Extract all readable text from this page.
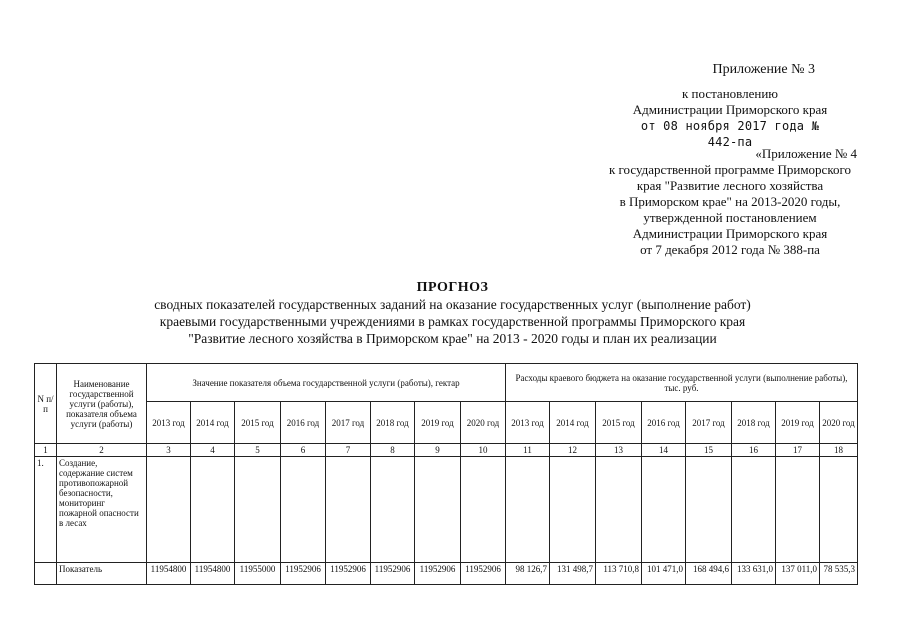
Приложение № 3
к постановлению
Администрации Приморского края
от 08 ноября 2017 года № 442-па
«Приложение № 4
к государственной программе Приморского
края "Развитие лесного хозяйства
в Приморском крае" на 2013-2020 годы,
утвержденной постановлением
Администрации Приморского края
от 7 декабря 2012 года № 388-па
ПРОГНОЗ
сводных показателей государственных заданий на оказание государственных услуг (выполнение работ)
краевыми государственными учреждениями в рамках государственной программы Приморского края
"Развитие лесного хозяйства в Приморском крае" на 2013 - 2020 годы и план их реализации
N п/п	Наименование государственной услуги (работы), показателя объема услуги (работы)	Значение показателя объема государственной услуги (работы), гектар								Расходы краевого бюджета на оказание государственной услуги (выполнение работы), тыс. руб.							
		2013 год	2014 год	2015 год	2016 год	2017 год	2018 год	2019 год	2020 год	2013 год	2014 год	2015 год	2016 год	2017 год	2018 год	2019 год	2020 год
1	2	3	4	5	6	7	8	9	10	11	12	13	14	15	16	17	18
1.	Создание, содержание систем противопожарной безопасности, мониторинг пожарной опасности в лесах																
	Показатель	11954800	11954800	11955000	11952906	11952906	11952906	11952906	11952906	98 126,7	131 498,7	113 710,8	101 471,0	168 494,6	133 631,0	137 011,0	78 535,3
